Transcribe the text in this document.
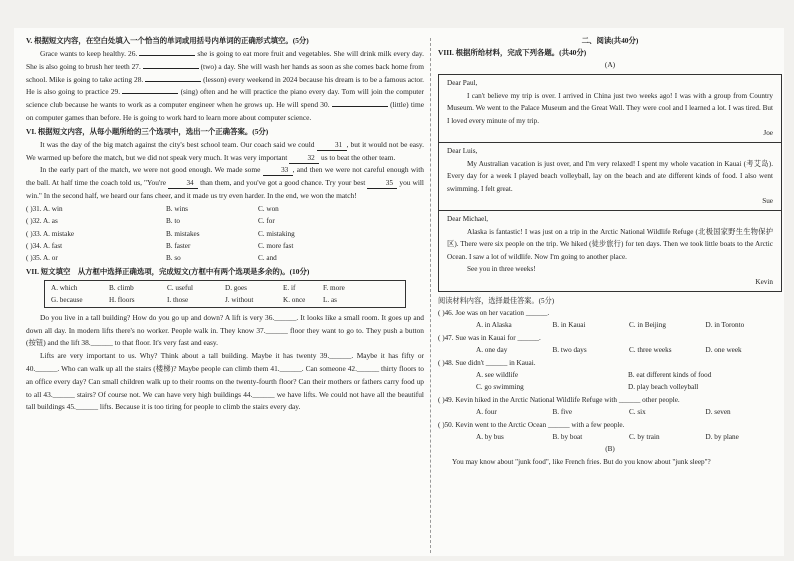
V. 根据短文内容，在空白处填入一个恰当的单词或用括号内单词的正确形式填空。(5分)

Grace wants to keep healthy. 26.	she is going to eat more fruit and vegetables. She will drink milk every day. She is also going to brush her teeth 27.	(two) a day. She will wash her hands as soon as she comes back home from school. Mike is going to take acting 28.	(lesson) every weekend in 2024 because his dream is to be a famous actor. He is also going to practice 29.	(sing) often and he will practice the piano every day. Tom will join the computer science club because he wants to work as a computer engineer when he grows up. He will spend 30.	(little) time on computer games than before. He is going to work hard to learn more about computer science.

VI. 根据短文内容，从每小题所给的三个选项中，选出一个正确答案。(5分)

It was the day of the big match against the city's best school team. Our coach said we could	31 , but it would not be easy. We warmed up before the match, but we did not speak very much. It was very important	32 us to beat the other team.

In the early part of the match, we were not good enough. We made some	33 , and then we were not careful enough with the ball. At half time the coach told us, "You're	34 than them, and you've got a good chance. Try your best	35 you will win." In the second half, we heard our fans cheer, and it made us try even harder. In the end, we won the match!

( )31. A. win	B. wins	C. won
( )32. A. as	B. to	C. for
( )33. A. mistake	B. mistakes	C. mistaking
( )34. A. fast	B. faster	C. more fast
( )35. A. or	B. so	C. and
VII. 短文填空　从方框中选择正确选项，完成短文(方框中有两个选项是多余的)。(10分)
A. which	B. climb	C. useful	D. goes	E. if	F. more
G. because	H. floors	I. those	J. without	K. once	L. as

Do you live in a tall building? How do you go up and down? A lift is very 36.______. It looks like a small room. It goes up and down all day. In modern lifts there's no worker. People walk in. They know 37.______ floor they want to go to. They push a button (按钮) and the lift 38.______ to that floor. It's very fast and easy.

Lifts are very important to us. Why? Think about a tall building. Maybe it has twenty 39.______. Maybe it has fifty or 40.______. Who can walk up all the stairs (楼梯)? Maybe people can climb them 41.______. Can someone 42.______ thirty floors to an office every day? Can small children walk up to their rooms on the twenty-fourth floor? Can their mothers or fathers carry food up to all 43.______ stairs? Of course not. We can have very high buildings 44.______ we have lifts. We could not have all the beautiful tall buildings 45.______ lifts. Because it is too tiring for people to climb the stairs every day.

二、阅读(共40分)
VIII. 根据所给材料，完成下列各题。(共40分)
(A)
Dear Paul,
I can't believe my trip is over. I arrived in China just two weeks ago! I was with a group from Country Museum. We went to the Palace Museum and the Great Wall. They were cool and I learned a lot. I was tired. But I loved every minute of my trip.
Joe
Dear Luis,
My Australian vacation is just over, and I'm very relaxed! I spent my whole vacation in Kauai (考艾岛). Every day for a week I played beach volleyball, lay on the beach and ate different kinds of food. I also went swimming. I felt great.
Sue
Dear Michael,
Alaska is fantastic! I was just on a trip in the Arctic National Wildlife Refuge (北极国家野生生物保护区). There were six people on the trip. We hiked (徒步旅行) for ten days. Then we took little boats to the Arctic Ocean. I saw a lot of wildlife. Now I'm going to another place.
See you in three weeks!
Kevin
阅读材料内容，选择最佳答案。(5分)
( )46. Joe was on her vacation ______.
A. in Alaska	B. in Kauai	C. in Beijing	D. in Toronto
( )47. Sue was in Kauai for ______.
A. one day	B. two days	C. three weeks	D. one week
( )48. Sue didn't ______ in Kauai.
A. see wildlife	B. eat different kinds of food
C. go swimming	D. play beach volleyball
( )49. Kevin hiked in the Arctic National Wildlife Refuge with ______ other people.
A. four	B. five	C. six	D. seven
( )50. Kevin went to the Arctic Ocean ______ with a few people.
A. by bus	B. by boat	C. by train	D. by plane
(B)
You may know about "junk food", like French fries. But do you know about "junk sleep"?
